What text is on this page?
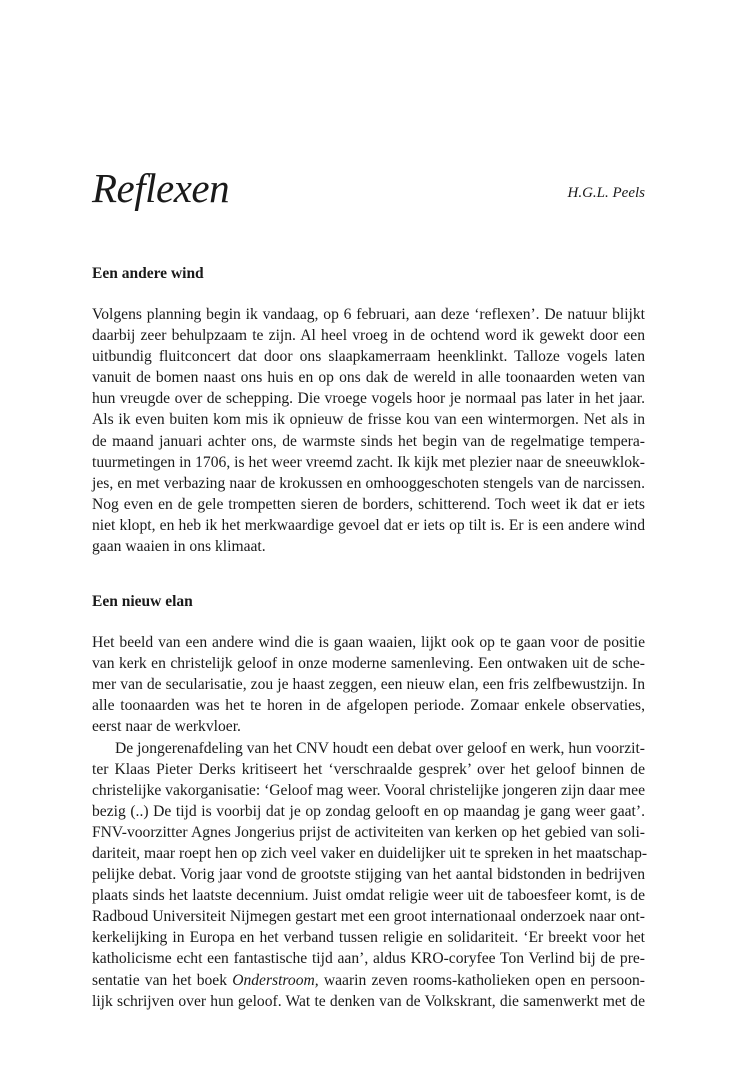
Reflexen	H.G.L. Peels
Een andere wind

Volgens planning begin ik vandaag, op 6 februari, aan deze ‘reflexen’. De natuur blijkt
daarbij zeer behulpzaam te zijn. Al heel vroeg in de ochtend word ik gewekt door een
uitbundig fluitconcert dat door ons slaapkamerraam heenklinkt. Talloze vogels laten
vanuit de bomen naast ons huis en op ons dak de wereld in alle toonaarden weten van
hun vreugde over de schepping. Die vroege vogels hoor je normaal pas later in het jaar.
Als ik even buiten kom mis ik opnieuw de frisse kou van een wintermorgen. Net als in
de maand januari achter ons, de warmste sinds het begin van de regelmatige tempera-
tuurmetingen in 1706, is het weer vreemd zacht. Ik kijk met plezier naar de sneeuwklok-
jes, en met verbazing naar de krokussen en omhooggeschoten stengels van de narcissen.
Nog even en de gele trompetten sieren de borders, schitterend. Toch weet ik dat er iets
niet klopt, en heb ik het merkwaardige gevoel dat er iets op tilt is. Er is een andere wind
gaan waaien in ons klimaat.

Een nieuw elan

Het beeld van een andere wind die is gaan waaien, lijkt ook op te gaan voor de positie
van kerk en christelijk geloof in onze moderne samenleving. Een ontwaken uit de sche-
mer van de secularisatie, zou je haast zeggen, een nieuw elan, een fris zelfbewustzijn. In
alle toonaarden was het te horen in de afgelopen periode. Zomaar enkele observaties,
eerst naar de werkvloer.

De jongerenafdeling van het CNV houdt een debat over geloof en werk, hun voorzit-
ter Klaas Pieter Derks kritiseert het ‘verschraalde gesprek’ over het geloof binnen de
christelijke vakorganisatie: ‘Geloof mag weer. Vooral christelijke jongeren zijn daar mee
bezig (..) De tijd is voorbij dat je op zondag gelooft en op maandag je gang weer gaat’.
FNV-voorzitter Agnes Jongerius prijst de activiteiten van kerken op het gebied van soli-
dariteit, maar roept hen op zich veel vaker en duidelijker uit te spreken in het maatschap-
pelijke debat. Vorig jaar vond de grootste stijging van het aantal bidstonden in bedrijven
plaats sinds het laatste decennium. Juist omdat religie weer uit de taboesfeer komt, is de
Radboud Universiteit Nijmegen gestart met een groot internationaal onderzoek naar ont-
kerkelijking in Europa en het verband tussen religie en solidariteit. ‘Er breekt voor het
katholicisme echt een fantastische tijd aan’, aldus KRO-coryfee Ton Verlind bij de pre-
sentatie van het boek Onderstroom, waarin zeven rooms-katholieken open en persoon-
lijk schrijven over hun geloof. Wat te denken van de Volkskrant, die samenwerkt met de
